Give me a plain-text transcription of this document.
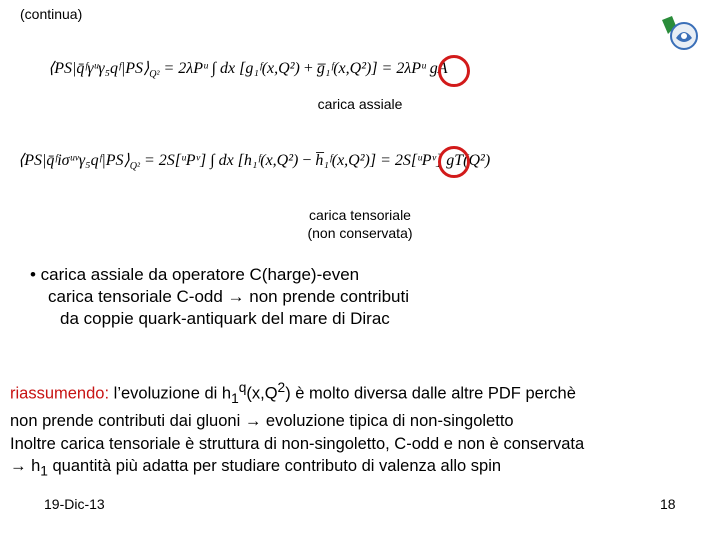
(continua)
$⟨PS|q̄ᶠ\gamma ᵘ\gamma_5qᶠ|PS⟩_{Q^2}$ = 2λPᵘ ∫ dx [g₁ᶠ(x,Q²) + g̅₁ᶠ(x,Q²)] = 2λPᵘ gA
carica assiale
$⟨PS|q̄ᶠi\sigma ᵘᵛ\gamma_5qᶠ|PS⟩_{Q^2}$ = 2S[ᵘPᵛ] ∫ dx [h₁ᶠ(x,Q²) − h̅₁ᶠ(x,Q²)] = 2S[ᵘPᵛ] gT(Q²)
carica tensoriale
(non conservata)
• carica assiale da operatore C(harge)-even
carica tensoriale C-odd → non prende contributi
da coppie quark-antiquark del mare di Dirac
riassumendo: l’evoluzione di $h_1^q(x,Q^2)$ è molto diversa dalle altre PDF perchè
non prende contributi dai gluoni → evoluzione tipica di non-singoletto
Inoltre carica tensoriale è struttura di non-singoletto, C-odd e non è conservata
→ $h_1$ quantità più adatta per studiare contributo di valenza allo spin
19-Dic-13	18
